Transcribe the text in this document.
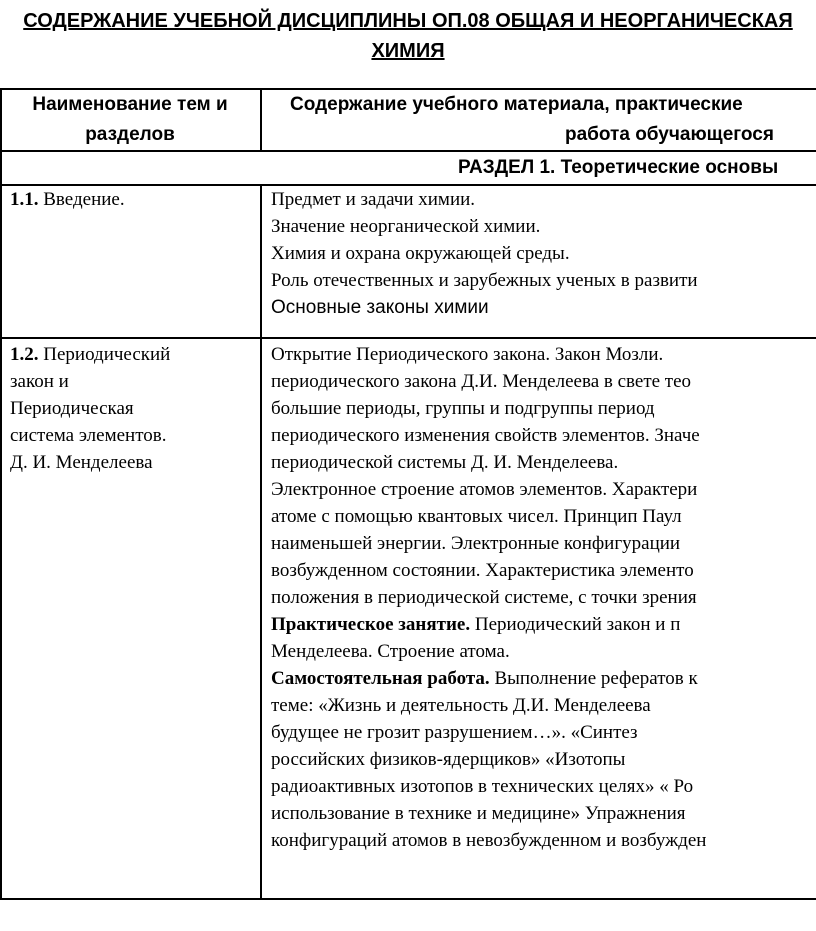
СОДЕРЖАНИЕ УЧЕБНОЙ ДИСЦИПЛИНЫ ОП.08 ОБЩАЯ И НЕОРГАНИЧЕСКАЯ
ХИМИЯ
Наименование тем и
разделов
Содержание учебного материала, практические
работа обучающегося
РАЗДЕЛ 1. Теоретические основы
1.1. Введение.	Предмет и задачи химии.
Значение неорганической химии.
Химия и охрана окружающей среды.
Роль отечественных и зарубежных ученых в развити
Основные законы химии
1.2. Периодический
закон и
Периодическая
система элементов.
Д. И. Менделеева
Открытие Периодического закона. Закон Мозли.
периодического закона Д.И. Менделеева в свете тео
большие периоды, группы и подгруппы период
периодического изменения свойств элементов. Значе
периодической системы Д. И. Менделеева.
Электронное строение атомов элементов. Характери
атоме с помощью квантовых чисел. Принцип Паул
наименьшей энергии. Электронные конфигурации
возбужденном состоянии. Характеристика элементо
положения в периодической системе, с точки зрения
Практическое занятие. Периодический закон и п
Менделеева. Строение атома.
Самостоятельная работа. Выполнение рефератов к
теме: «Жизнь и деятельность Д.И. Менделеева
будущее не грозит разрушением…». «Синтез
российских физиков-ядерщиков» «Изотопы
радиоактивных изотопов в технических целях» « Ро
использование в технике и медицине» Упражнения
конфигураций атомов в невозбужденном и возбужден
